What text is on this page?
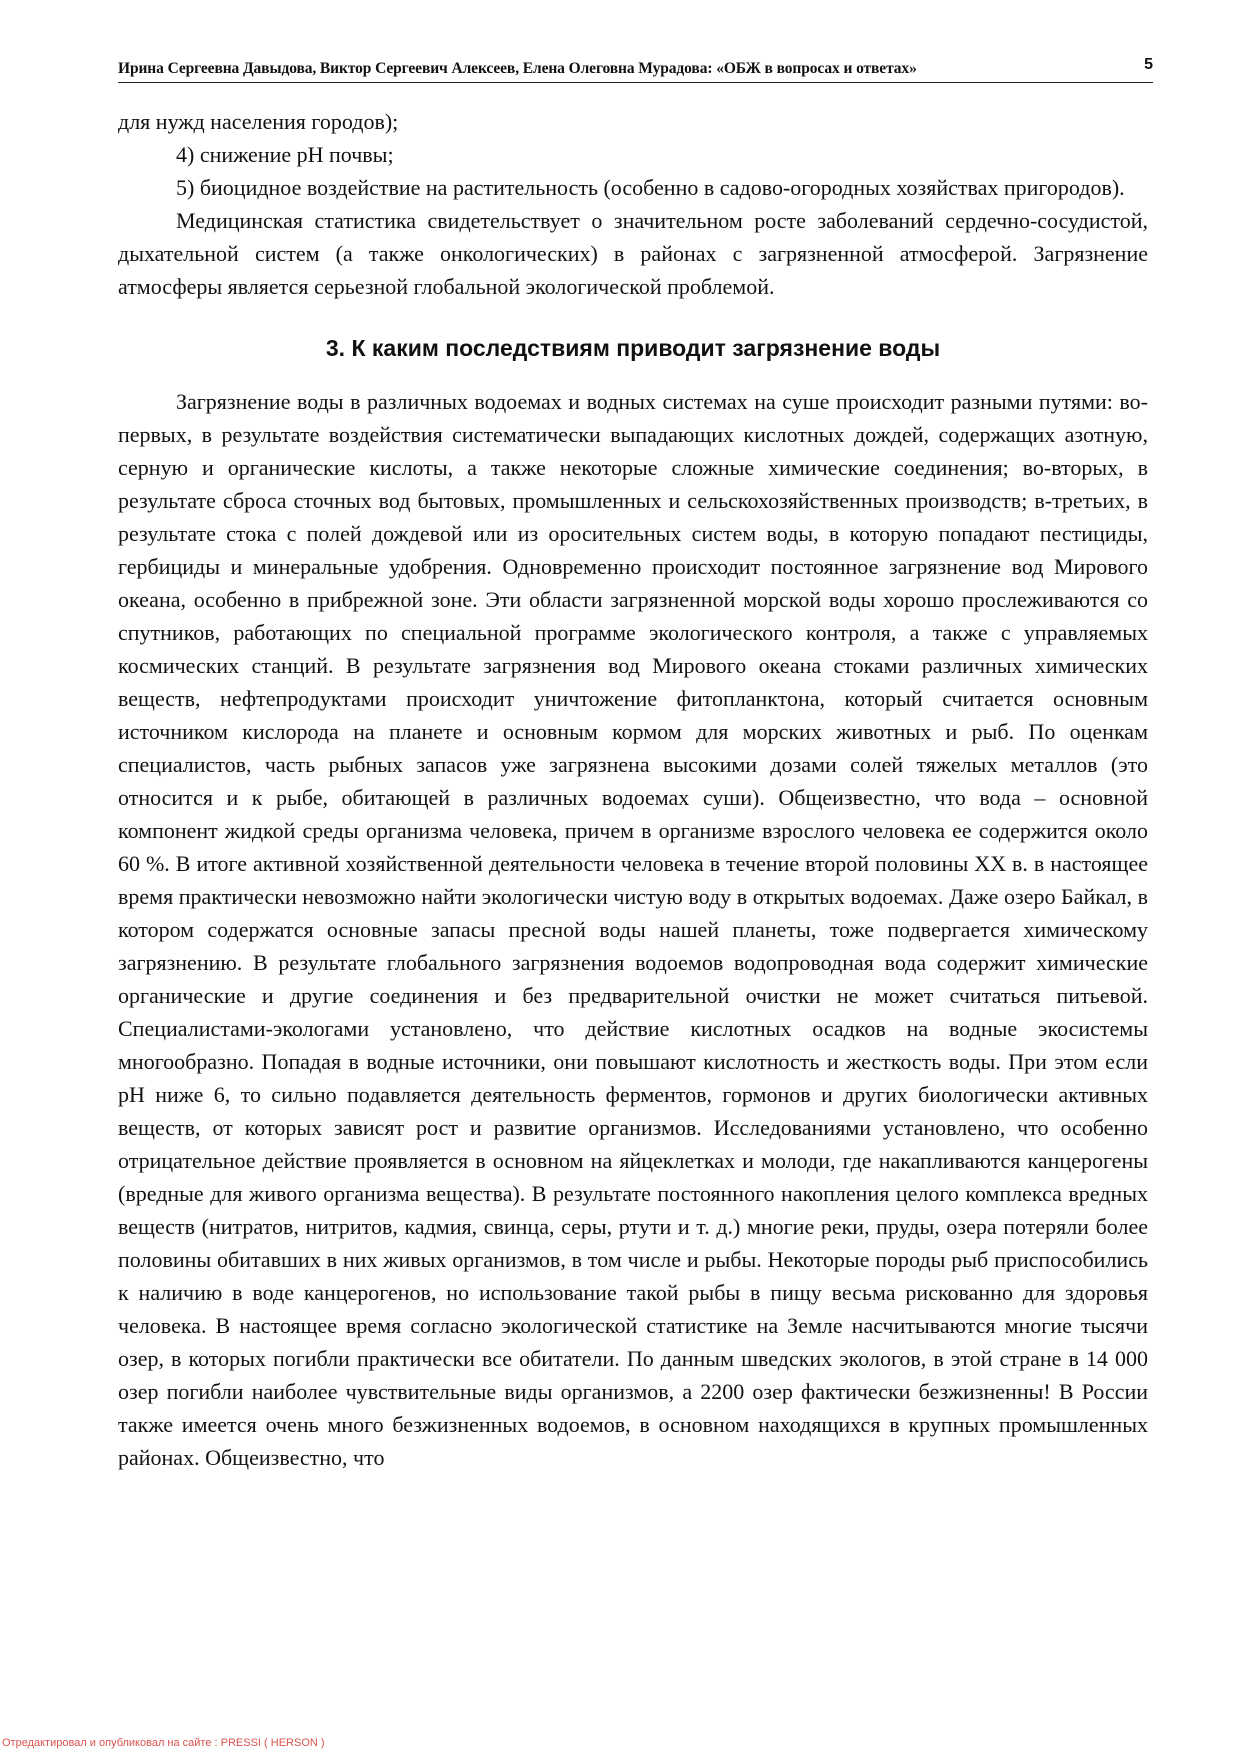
Ирина Сергеевна Давыдова, Виктор Сергеевич Алексеев, Елена Олеговна Мурадова: «ОБЖ в вопросах и ответах»	5

для нужд населения городов);

4) снижение рН почвы;

5) биоцидное воздействие на растительность (особенно в садово-огородных хозяйствах пригородов).

Медицинская статистика свидетельствует о значительном росте заболеваний сердечно-сосудистой, дыхательной систем (а также онкологических) в районах с загрязненной атмосферой. Загрязнение атмосферы является серьезной глобальной экологической проблемой.

3. К каким последствиям приводит загрязнение воды

Загрязнение воды в различных водоемах и водных системах на суше происходит разными путями: во-первых, в результате воздействия систематически выпадающих кислотных дождей, содержащих азотную, серную и органические кислоты, а также некоторые сложные химические соединения; во-вторых, в результате сброса сточных вод бытовых, промышленных и сельскохозяйственных производств; в-третьих, в результате стока с полей дождевой или из оросительных систем воды, в которую попадают пестициды, гербициды и минеральные удобрения. Одновременно происходит постоянное загрязнение вод Мирового океана, особенно в прибрежной зоне. Эти области загрязненной морской воды хорошо прослеживаются со спутников, работающих по специальной программе экологического контроля, а также с управляемых космических станций. В результате загрязнения вод Мирового океана стоками различных химических веществ, нефтепродуктами происходит уничтожение фитопланктона, который считается основным источником кислорода на планете и основным кормом для морских животных и рыб. По оценкам специалистов, часть рыбных запасов уже загрязнена высокими дозами солей тяжелых металлов (это относится и к рыбе, обитающей в различных водоемах суши). Общеизвестно, что вода – основной компонент жидкой среды организма человека, причем в организме взрослого человека ее содержится около 60 %. В итоге активной хозяйственной деятельности человека в течение второй половины XX в. в настоящее время практически невозможно найти экологически чистую воду в открытых водоемах. Даже озеро Байкал, в котором содержатся основные запасы пресной воды нашей планеты, тоже подвергается химическому загрязнению. В результате глобального загрязнения водоемов водопроводная вода содержит химические органические и другие соединения и без предварительной очистки не может считаться питьевой. Специалистами-экологами установлено, что действие кислотных осадков на водные экосистемы многообразно. Попадая в водные источники, они повышают кислотность и жесткость воды. При этом если рН ниже 6, то сильно подавляется деятельность ферментов, гормонов и других биологически активных веществ, от которых зависят рост и развитие организмов. Исследованиями установлено, что особенно отрицательное действие проявляется в основном на яйцеклетках и молоди, где накапливаются канцерогены (вредные для живого организма вещества). В результате постоянного накопления целого комплекса вредных веществ (нитратов, нитритов, кадмия, свинца, серы, ртути и т. д.) многие реки, пруды, озера потеряли более половины обитавших в них живых организмов, в том числе и рыбы. Некоторые породы рыб приспособились к наличию в воде канцерогенов, но использование такой рыбы в пищу весьма рискованно для здоровья человека. В настоящее время согласно экологической статистике на Земле насчитываются многие тысячи озер, в которых погибли практически все обитатели. По данным шведских экологов, в этой стране в 14 000 озер погибли наиболее чувствительные виды организмов, а 2200 озер фактически безжизненны! В России также имеется очень много безжизненных водоемов, в основном находящихся в крупных промышленных районах. Общеизвестно, что

Отредактировал и опубликовал на сайте : PRESSI ( HERSON )
